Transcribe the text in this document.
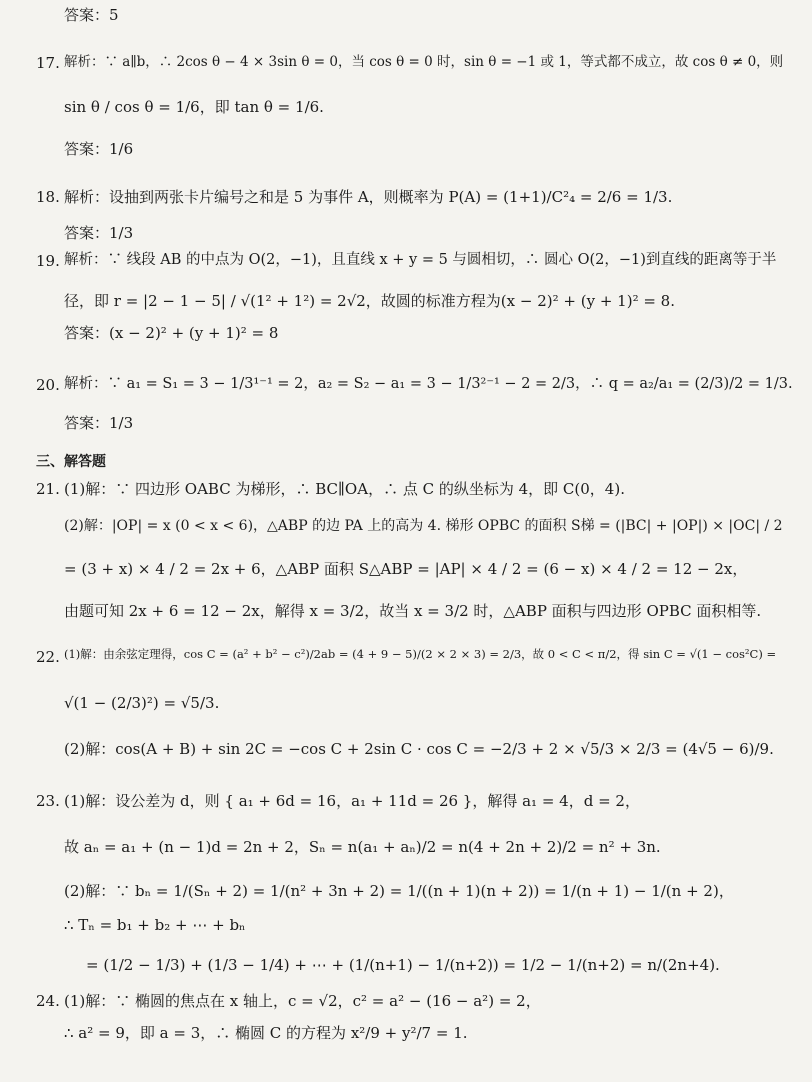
答案：5
17. 解析：∵ a∥b，∴ 2cos θ − 4 × 3sin θ = 0，当 cos θ = 0 时，sin θ = −1 或 1，等式都不成立，故 cos θ ≠ 0，则
sin θ / cos θ = 1/6，即 tan θ = 1/6.
答案：1/6
18. 解析：设抽到两张卡片编号之和是 5 为事件 A，则概率为 P(A) = (1+1)/C²₄ = 2/6 = 1/3.
答案：1/3
19. 解析：∵ 线段 AB 的中点为 O(2，−1)，且直线 x + y = 5 与圆相切，∴ 圆心 O(2，−1)到直线的距离等于半
径，即 r = |2 − 1 − 5| / √(1² + 1²) = 2√2，故圆的标准方程为(x − 2)² + (y + 1)² = 8.
答案：(x − 2)² + (y + 1)² = 8
20. 解析：∵ a₁ = S₁ = 3 − 1/3¹⁻¹ = 2，a₂ = S₂ − a₁ = 3 − 1/3²⁻¹ − 2 = 2/3，∴ q = a₂/a₁ = (2/3)/2 = 1/3.
答案：1/3
三、解答题
21. (1)解：∵ 四边形 OABC 为梯形，∴ BC∥OA，∴ 点 C 的纵坐标为 4，即 C(0，4).
(2)解：|OP| = x (0 < x < 6)，△ABP 的边 PA 上的高为 4. 梯形 OPBC 的面积 S梯 = (|BC| + |OP|) × |OC| / 2
= (3 + x) × 4 / 2 = 2x + 6，△ABP 面积 S△ABP = |AP| × 4 / 2 = (6 − x) × 4 / 2 = 12 − 2x，
由题可知 2x + 6 = 12 − 2x，解得 x = 3/2，故当 x = 3/2 时，△ABP 面积与四边形 OPBC 面积相等.
22. (1)解：由余弦定理得，cos C = (a² + b² − c²)/2ab = (4 + 9 − 5)/(2 × 2 × 3) = 2/3，故 0 < C < π/2，得 sin C = √(1 − cos²C) =
√(1 − (2/3)²) = √5/3.
(2)解：cos(A + B) + sin 2C = −cos C + 2sin C · cos C = −2/3 + 2 × √5/3 × 2/3 = (4√5 − 6)/9.
23. (1)解：设公差为 d，则 { a₁ + 6d = 16，a₁ + 11d = 26 }，解得 a₁ = 4，d = 2，
故 aₙ = a₁ + (n − 1)d = 2n + 2，Sₙ = n(a₁ + aₙ)/2 = n(4 + 2n + 2)/2 = n² + 3n.
(2)解：∵ bₙ = 1/(Sₙ + 2) = 1/(n² + 3n + 2) = 1/((n + 1)(n + 2)) = 1/(n + 1) − 1/(n + 2)，
∴ Tₙ = b₁ + b₂ + ⋯ + bₙ
= (1/2 − 1/3) + (1/3 − 1/4) + ⋯ + (1/(n+1) − 1/(n+2)) = 1/2 − 1/(n+2) = n/(2n+4).
24. (1)解：∵ 椭圆的焦点在 x 轴上，c = √2，c² = a² − (16 − a²) = 2，
∴ a² = 9，即 a = 3，∴ 椭圆 C 的方程为 x²/9 + y²/7 = 1.
